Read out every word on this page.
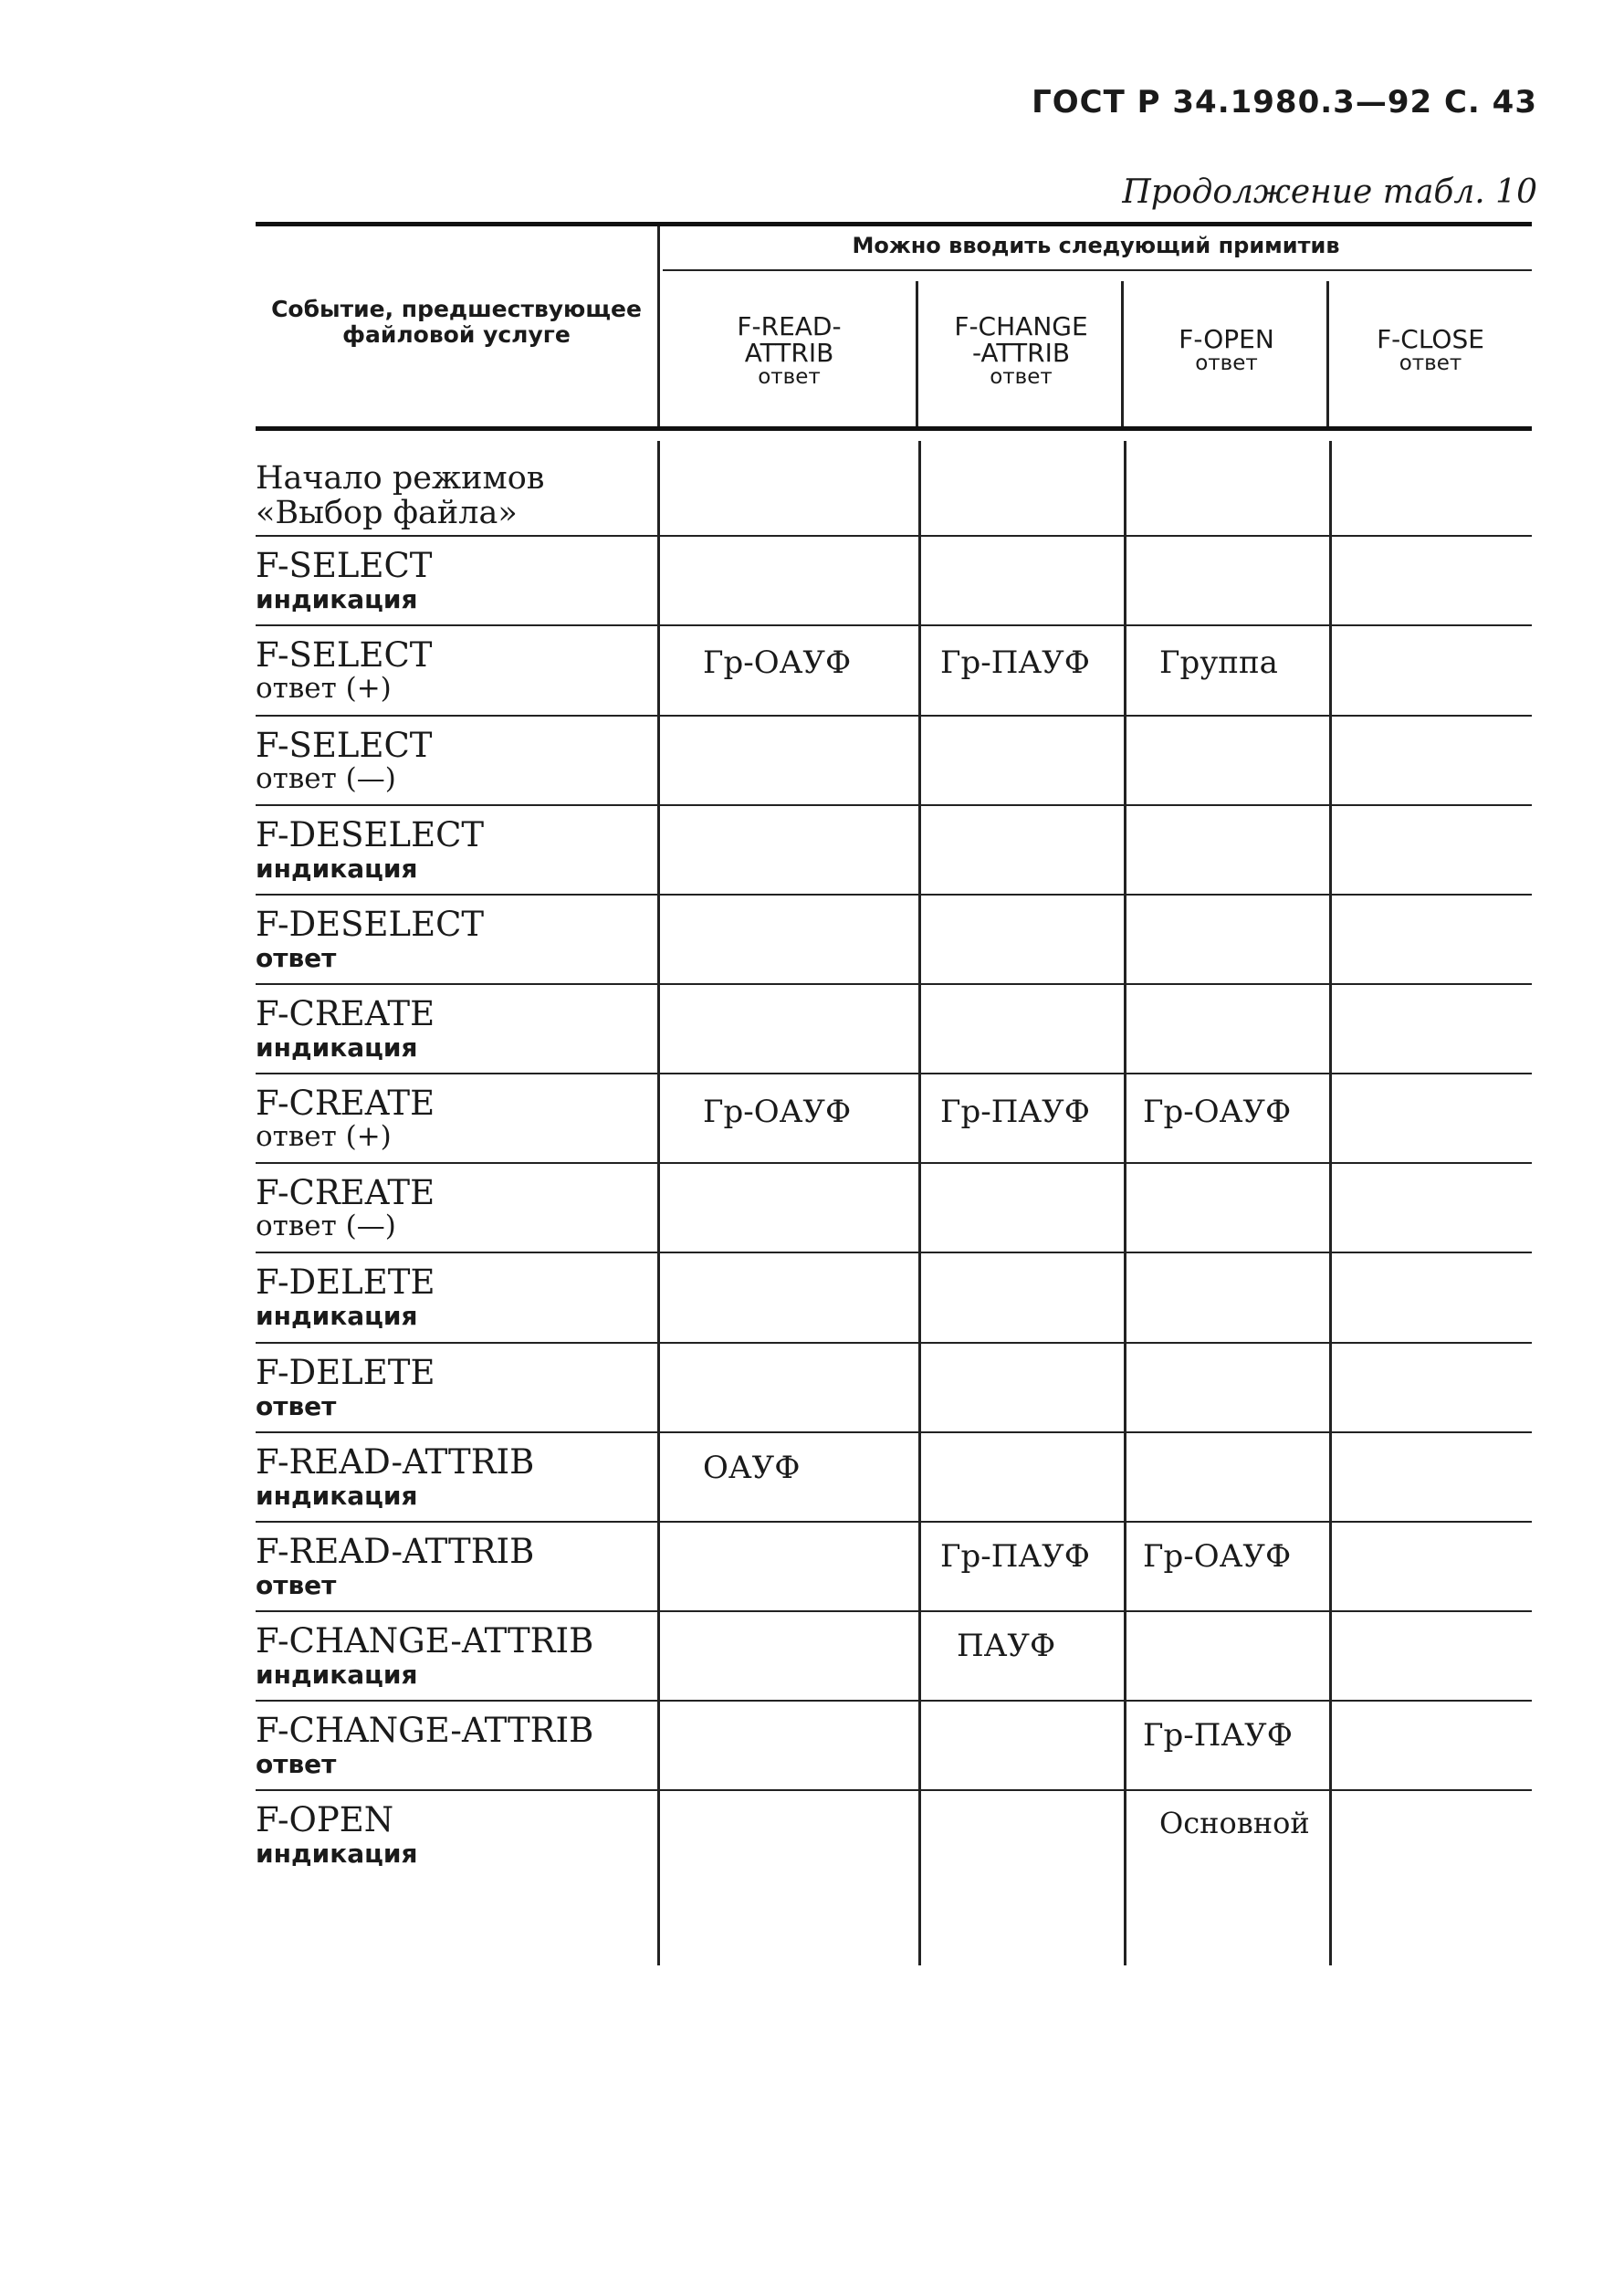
ГОСТ Р 34.1980.3—92 С. 43
Продолжение табл. 10
Событие, предшествующее
файловой услуге
Можно вводить следующий примитив
F-READ-
ATTRIB
ответ
F-CHANGE
-ATTRIB
ответ
F-OPEN
ответ
F-CLOSE
ответ
Начало режимов
«Выбор файла»
F-SELECT
индикация
F-SELECT
ответ (+)
F-SELECT
ответ (—)
F-DESELECT
индикация
F-DESELECT
ответ
F-CREATE
индикация
F-CREATE
ответ (+)
F-CREATE
ответ (—)
F-DELETE
индикация
F-DELETE
ответ
F-READ-ATTRIB
индикация
F-READ-ATTRIB
ответ
F-CHANGE-ATTRIB
индикация
F-CHANGE-ATTRIB
ответ
F-OPEN
индикация
Гр-ОАУФ	Гр-ПАУФ Группа
Гр-ОАУФ	Гр-ПАУФ Гр-ОАУФ
ОАУФ
Гр-ПАУФ Гр-ОАУФ
ПАУФ
Гр-ПАУФ
Основной
